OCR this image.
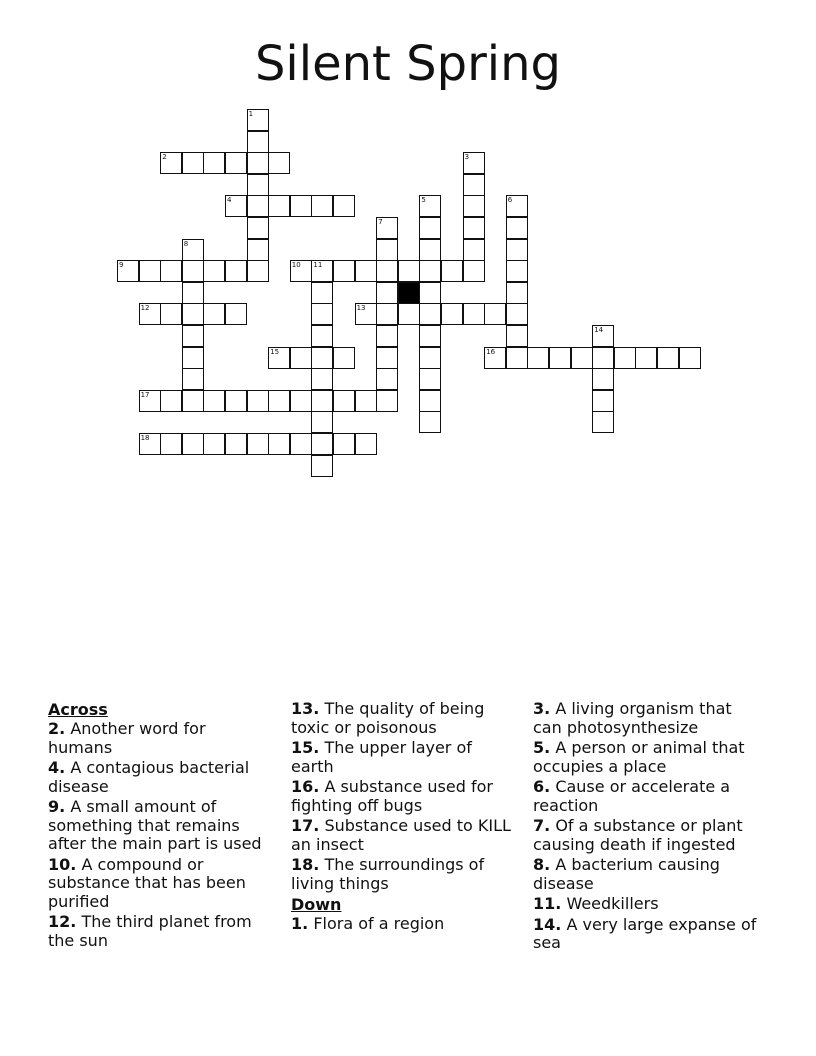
Silent Spring
1
2	3
4	5	6
7
8
9	10 11
12	13
14
15	16
17
18

Across

2. Another word for humans
4. A contagious bacterial disease
9. A small amount of something that remains after the main part is used
10. A compound or substance that has been purified
12. The third planet from the sun
13. The quality of being toxic or poisonous
15. The upper layer of earth
16. A substance used for fighting off bugs
17. Substance used to KILL an insect
18. The surroundings of living things

Down

1. Flora of a region
3. A living organism that can photosynthesize
5. A person or animal that occupies a place
6. Cause or accelerate a reaction
7. Of a substance or plant causing death if ingested
8. A bacterium causing disease
11. Weedkillers
14. A very large expanse of sea
